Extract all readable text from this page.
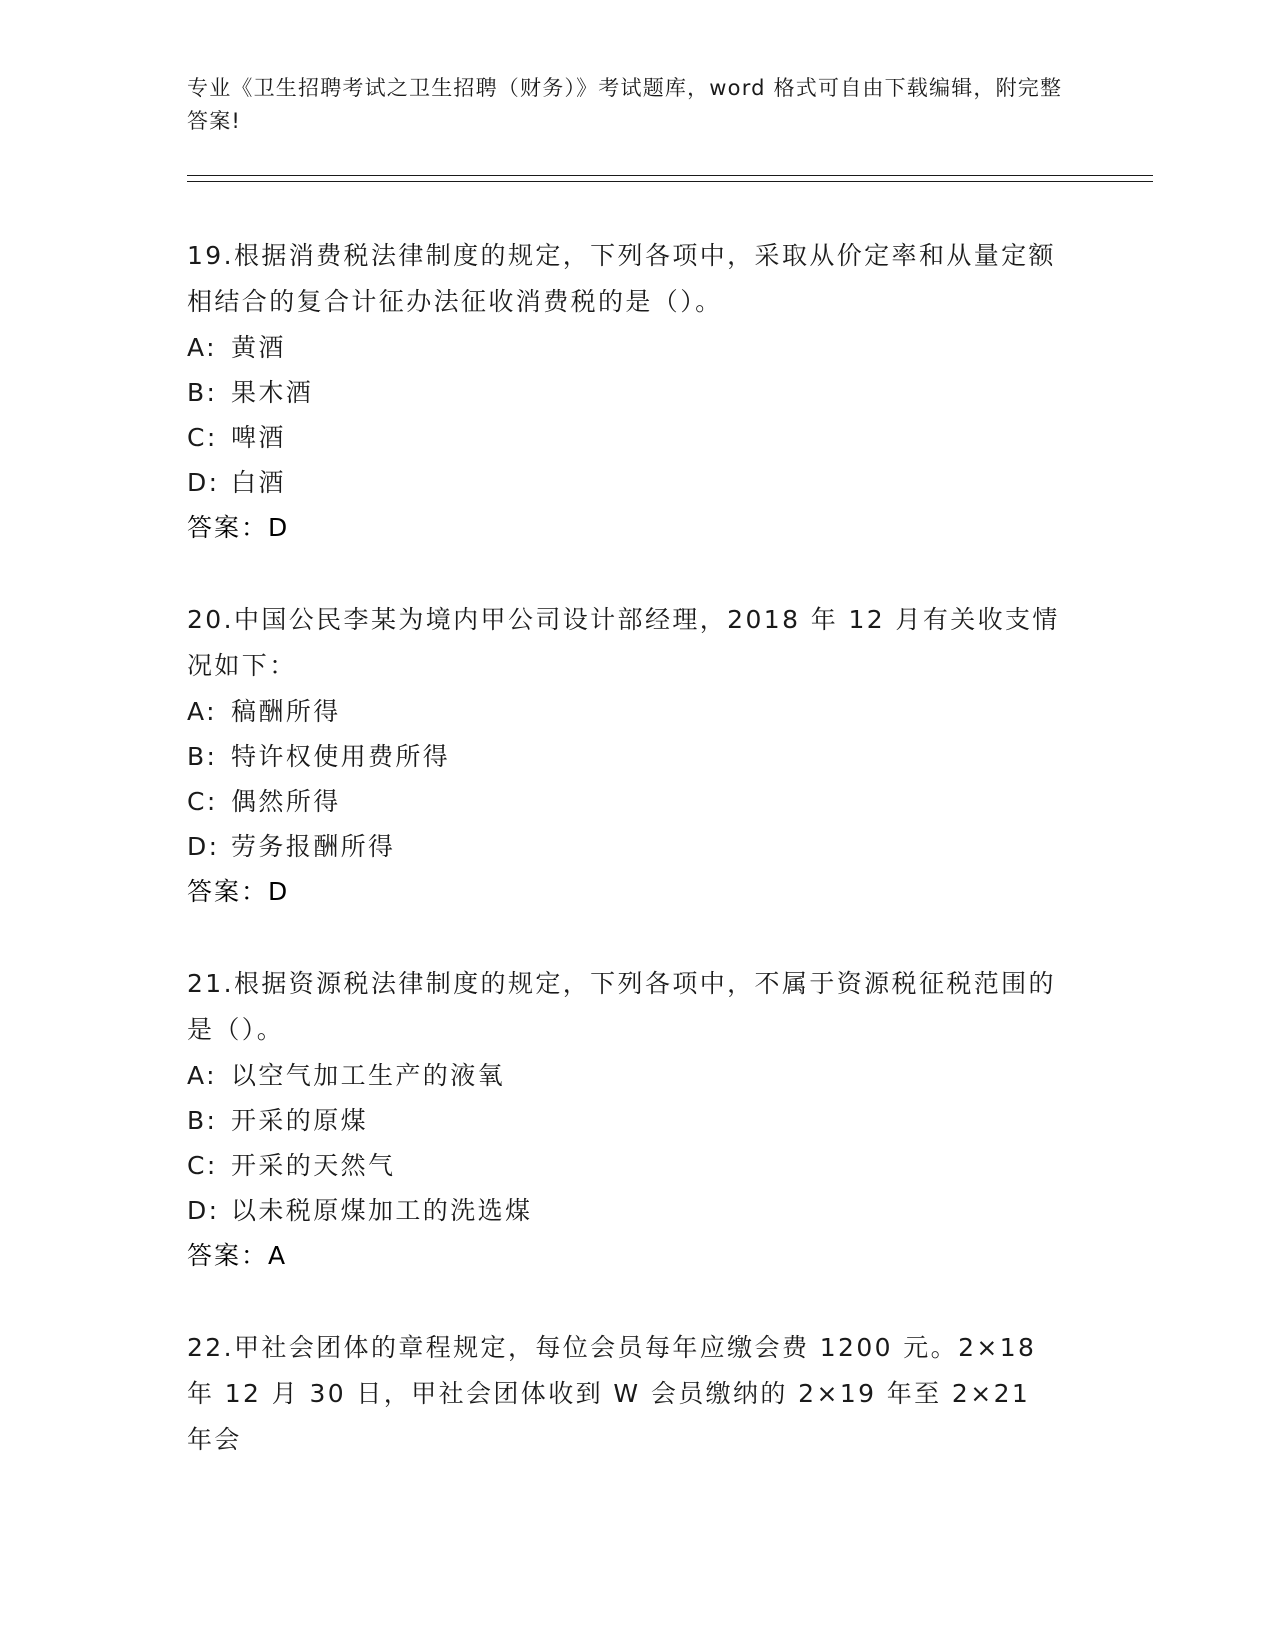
专业《卫生招聘考试之卫生招聘（财务）》考试题库，word 格式可自由下载编辑，附完整答案!

19.根据消费税法律制度的规定，下列各项中，采取从价定率和从量定额相结合的复合计征办法征收消费税的是（）。

A: 黄酒
B: 果木酒
C: 啤酒
D: 白酒
答案：D

20.中国公民李某为境内甲公司设计部经理，2018 年 12 月有关收支情况如下：

A: 稿酬所得
B: 特许权使用费所得
C: 偶然所得
D: 劳务报酬所得
答案：D

21.根据资源税法律制度的规定，下列各项中，不属于资源税征税范围的是（）。

A: 以空气加工生产的液氧
B: 开采的原煤
C: 开采的天然气
D: 以未税原煤加工的洗选煤
答案：A

22.甲社会团体的章程规定，每位会员每年应缴会费 1200 元。2×18 年 12 月 30 日，甲社会团体收到 W 会员缴纳的 2×19 年至 2×21 年会
